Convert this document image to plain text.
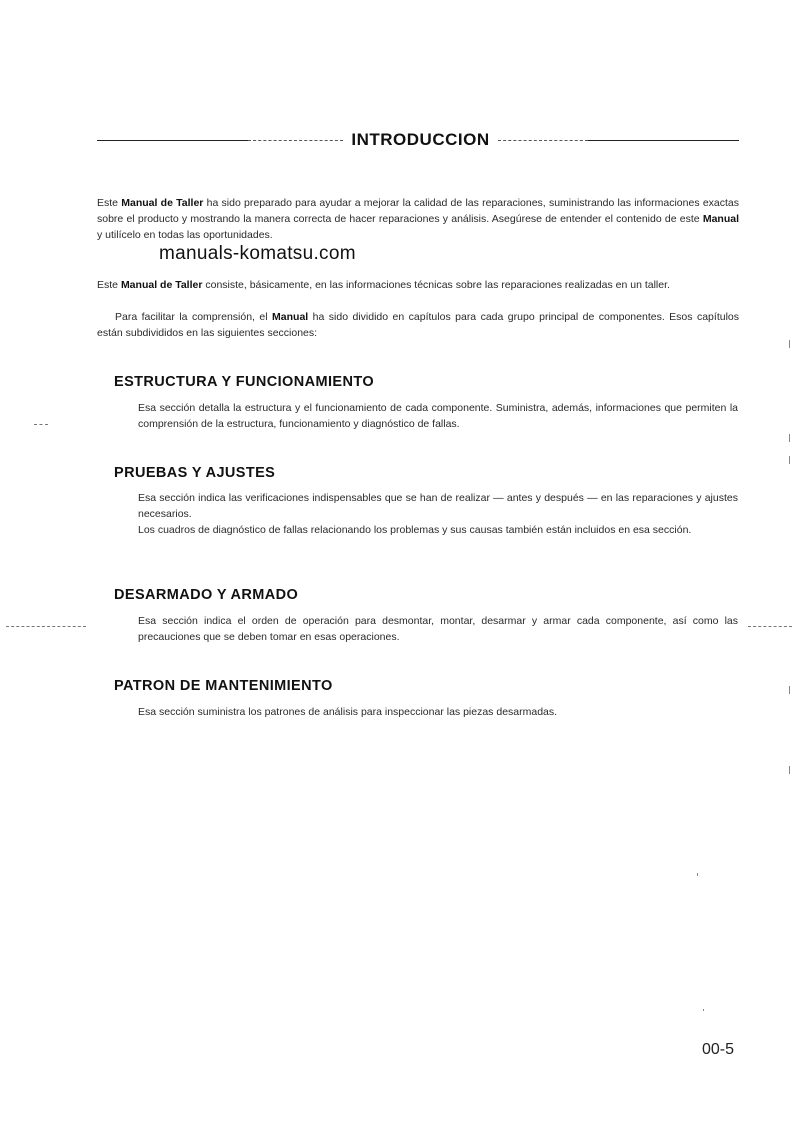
INTRODUCCION
Este Manual de Taller ha sido preparado para ayudar a mejorar la calidad de las reparaciones, suministrando las informaciones exactas sobre el producto y mostrando la manera correcta de hacer reparaciones y análisis. Asegúrese de entender el contenido de este Manual y utilícelo en todas las oportunidades.
manuals-komatsu.com
Este Manual de Taller consiste, básicamente, en las informaciones técnicas sobre las reparaciones realizadas en un taller.
Para facilitar la comprensión, el Manual ha sido dividido en capítulos para cada grupo principal de componentes. Esos capítulos están subdivididos en las siguientes secciones:
ESTRUCTURA Y FUNCIONAMIENTO

Esa sección detalla la estructura y el funcionamiento de cada componente. Suministra, además, informaciones que permiten la comprensión de la estructura, funcionamiento y diagnóstico de fallas.

PRUEBAS Y AJUSTES

Esa sección indica las verificaciones indispensables que se han de realizar — antes y después — en las reparaciones y ajustes necesarios.

Los cuadros de diagnóstico de fallas relacionando los problemas y sus causas también están incluidos en esa sección.

DESARMADO Y ARMADO

Esa sección indica el orden de operación para desmontar, montar, desarmar y armar cada componente, así como las precauciones que se deben tomar en esas operaciones.

PATRON DE MANTENIMIENTO

Esa sección suministra los patrones de análisis para inspeccionar las piezas desarmadas.

00-5
